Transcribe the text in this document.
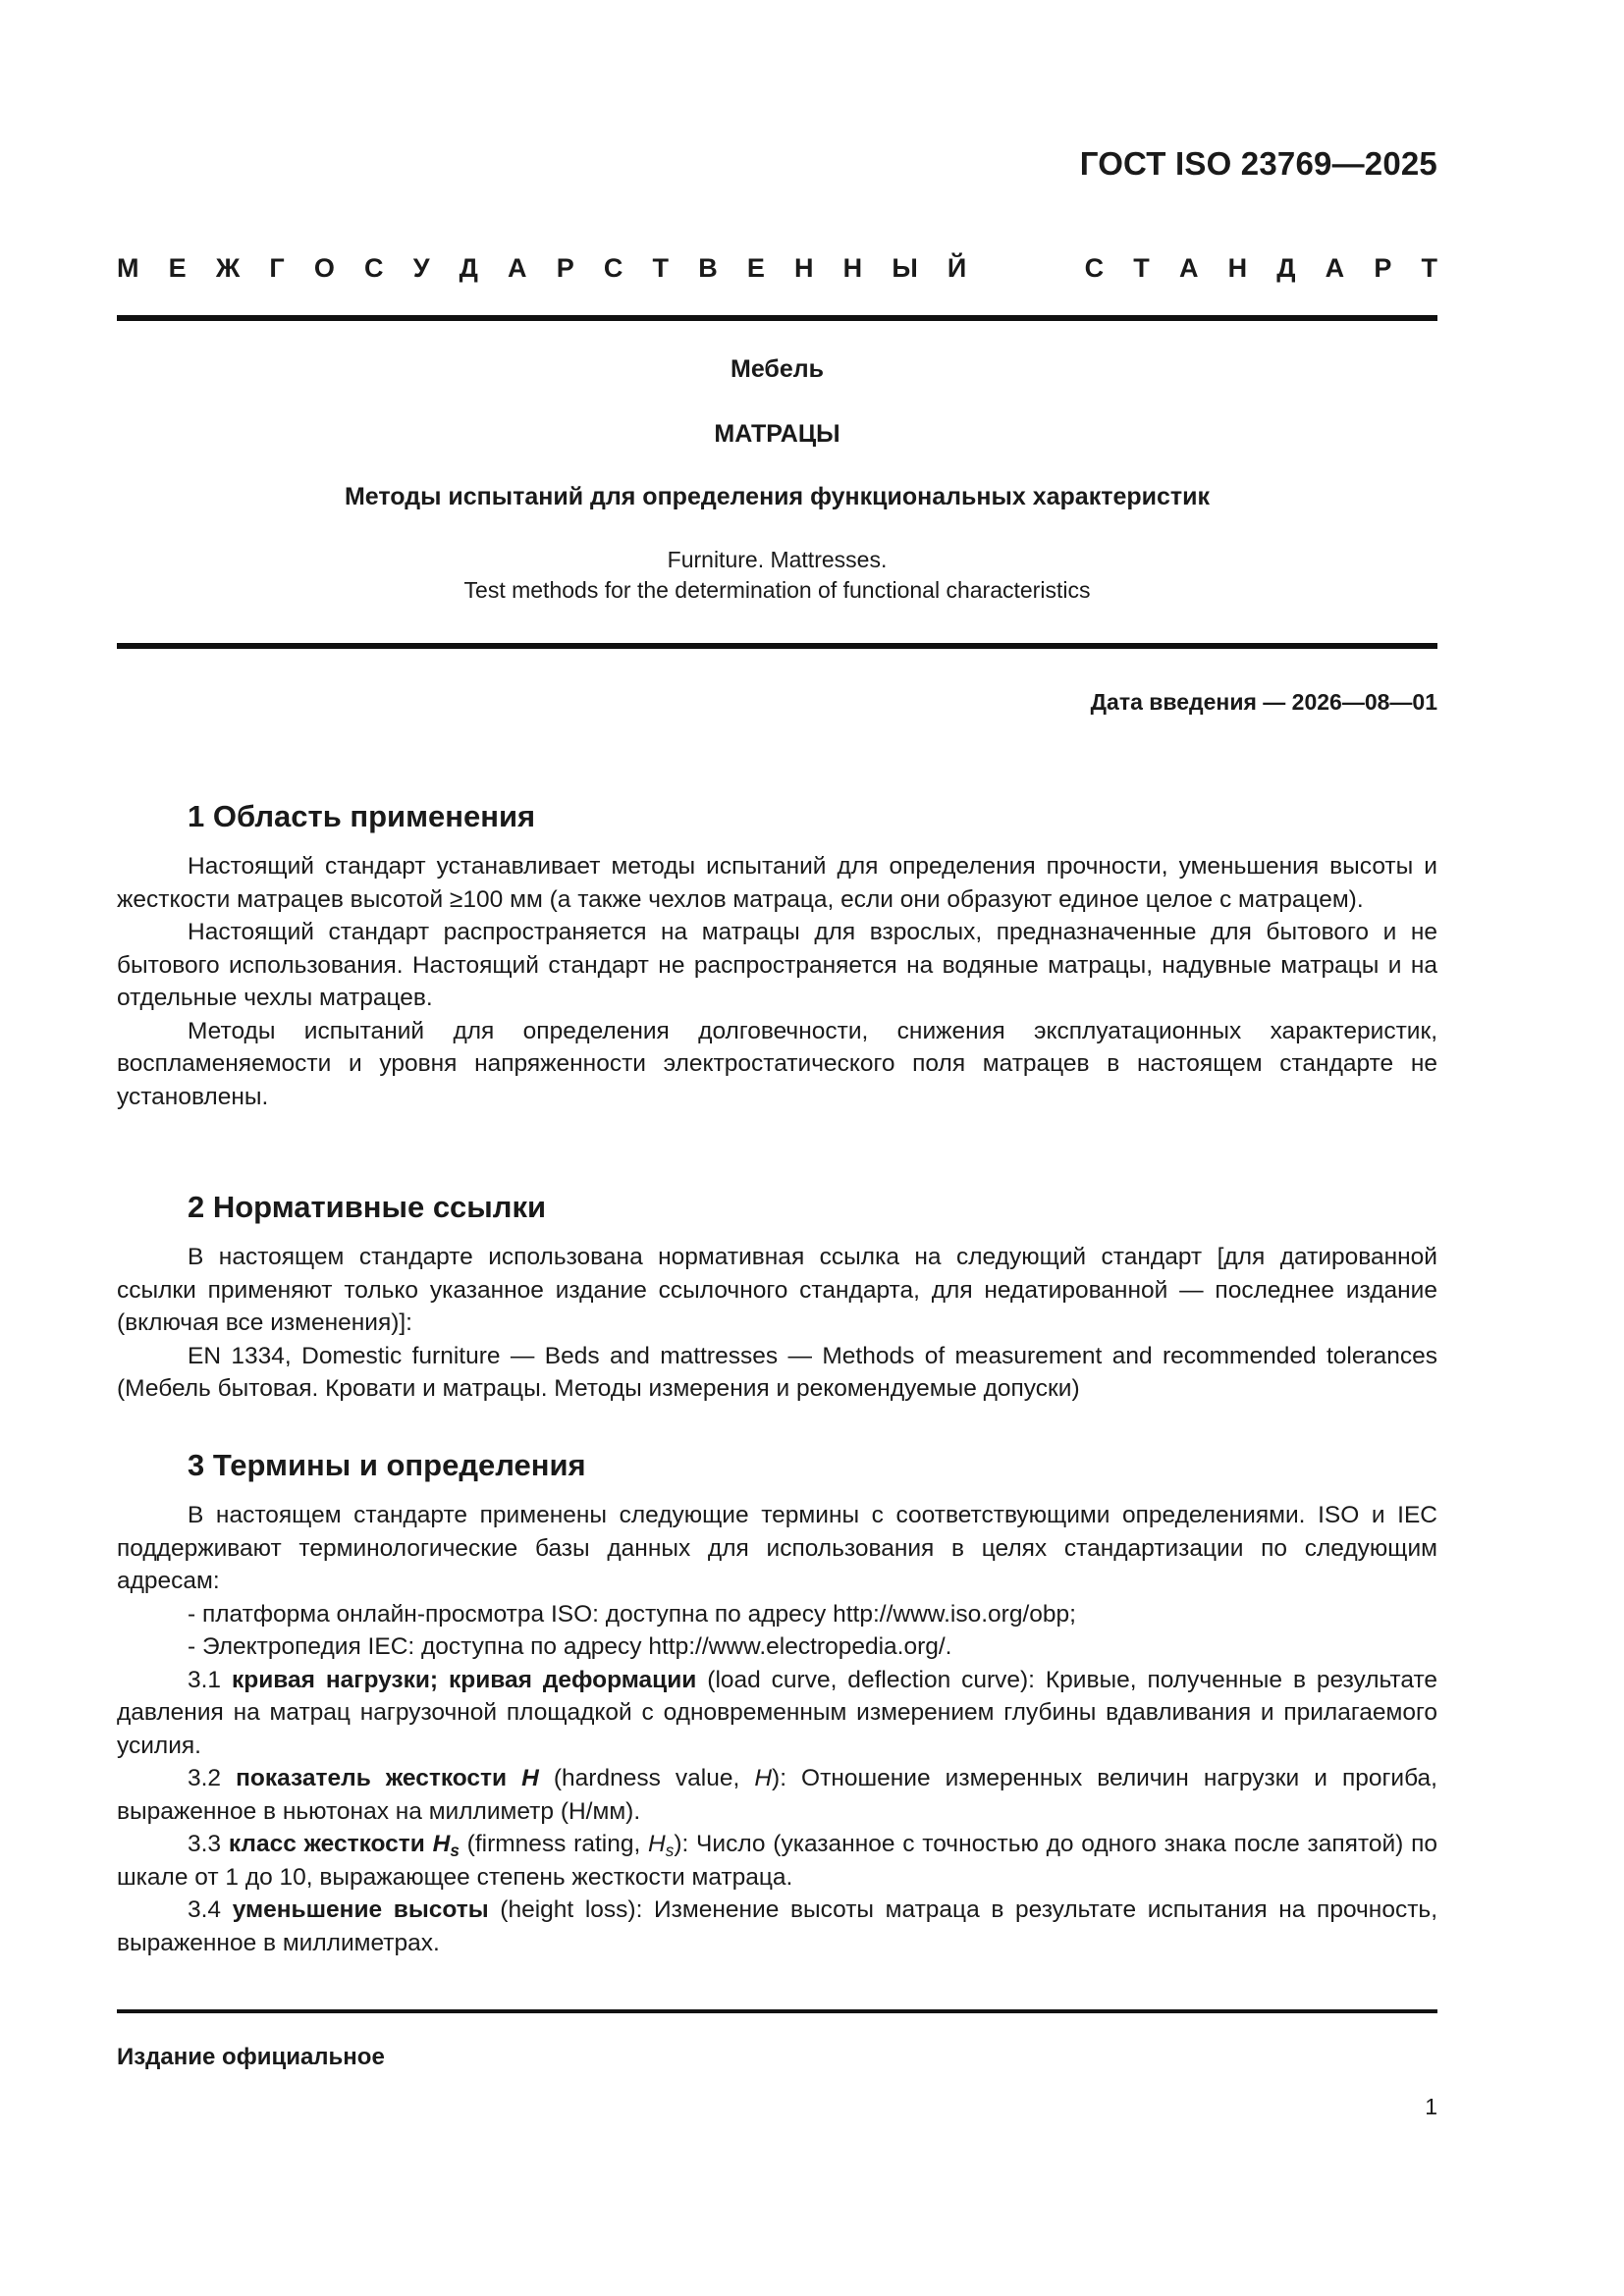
ГОСТ ISO 23769—2025
М Е Ж Г О С У Д А Р С Т В Е Н Н Ы Й	С Т А Н Д А Р Т
Мебель
МАТРАЦЫ
Методы испытаний для определения функциональных характеристик
Furniture. Mattresses.
Test methods for the determination of functional characteristics
Дата введения — 2026—08—01
1 Область применения

Настоящий стандарт устанавливает методы испытаний для определения прочности, уменьшения высоты и жесткости матрацев высотой ≥100 мм (а также чехлов матраца, если они образуют единое целое с матрацем).

Настоящий стандарт распространяется на матрацы для взрослых, предназначенные для бытового и не бытового использования. Настоящий стандарт не распространяется на водяные матрацы, надувные матрацы и на отдельные чехлы матрацев.

Методы испытаний для определения долговечности, снижения эксплуатационных характеристик, воспламеняемости и уровня напряженности электростатического поля матрацев в настоящем стандарте не установлены.

2 Нормативные ссылки

В настоящем стандарте использована нормативная ссылка на следующий стандарт [для датированной ссылки применяют только указанное издание ссылочного стандарта, для недатированной — последнее издание (включая все изменения)]:

EN 1334, Domestic furniture — Beds and mattresses — Methods of measurement and recommended tolerances (Мебель бытовая. Кровати и матрацы. Методы измерения и рекомендуемые допуски)

3 Термины и определения

В настоящем стандарте применены следующие термины с соответствующими определениями. ISO и IEC поддерживают терминологические базы данных для использования в целях стандартизации по следующим адресам:

- платформа онлайн-просмотра ISO: доступна по адресу http://www.iso.org/obp;

- Электропедия IEC: доступна по адресу http://www.electropedia.org/.

3.1 кривая нагрузки; кривая деформации (load curve, deflection curve): Кривые, полученные в результате давления на матрац нагрузочной площадкой с одновременным измерением глубины вдавливания и прилагаемого усилия.

3.2 показатель жесткости H (hardness value, H): Отношение измеренных величин нагрузки и прогиба, выраженное в ньютонах на миллиметр (Н/мм).

3.3 класс жесткости $H_s$ (firmness rating, $H_s$): Число (указанное с точностью до одного знака после запятой) по шкале от 1 до 10, выражающее степень жесткости матраца.

3.4 уменьшение высоты (height loss): Изменение высоты матраца в результате испытания на прочность, выраженное в миллиметрах.

Издание официальное
1
